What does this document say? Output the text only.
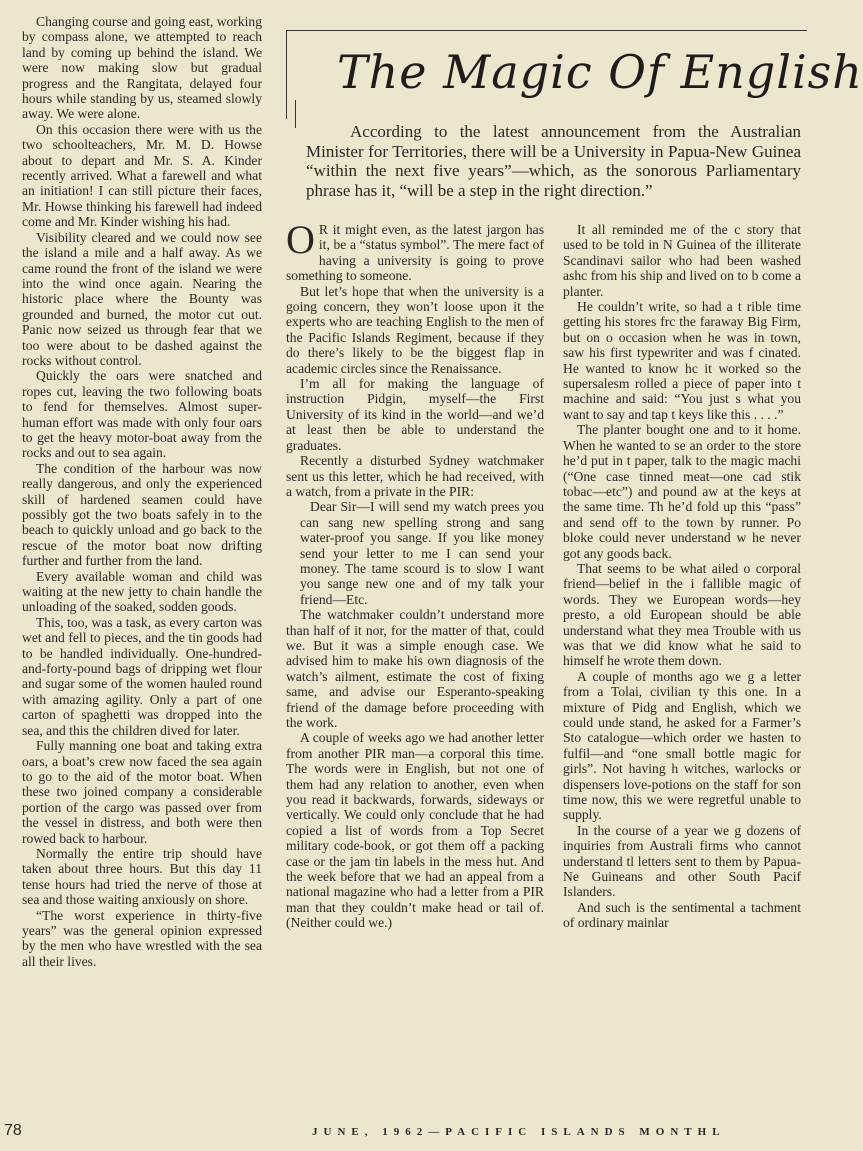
Changing course and going east, working by compass alone, we attempted to reach land by coming up behind the island. We were now making slow but gradual progress and the Rangitata, delayed four hours while standing by us, steamed slowly away. We were alone.

On this occasion there were with us the two schoolteachers, Mr. M. D. Howse about to depart and Mr. S. A. Kinder recently arrived. What a farewell and what an initiation! I can still picture their faces, Mr. Howse thinking his farewell had indeed come and Mr. Kinder wishing his had.

Visibility cleared and we could now see the island a mile and a half away. As we came round the front of the island we were into the wind once again. Nearing the historic place where the Bounty was grounded and burned, the motor cut out. Panic now seized us through fear that we too were about to be dashed against the rocks without control.

Quickly the oars were snatched and ropes cut, leaving the two following boats to fend for themselves. Almost super-human effort was made with only four oars to get the heavy motor-boat away from the rocks and out to sea again.

The condition of the harbour was now really dangerous, and only the experienced skill of hardened seamen could have possibly got the two boats safely in to the beach to quickly unload and go back to the rescue of the motor boat now drifting further and further from the land.

Every available woman and child was waiting at the new jetty to chain handle the unloading of the soaked, sodden goods.

This, too, was a task, as every carton was wet and fell to pieces, and the tin goods had to be handled individually. One-hundred-and-forty-pound bags of dripping wet flour and sugar some of the women hauled round with amazing agility. Only a part of one carton of spaghetti was dropped into the sea, and this the children dived for later.

Fully manning one boat and taking extra oars, a boat’s crew now faced the sea again to go to the aid of the motor boat. When these two joined company a considerable portion of the cargo was passed over from the vessel in distress, and both were then rowed back to harbour.

Normally the entire trip should have taken about three hours. But this day 11 tense hours had tried the nerve of those at sea and those waiting anxiously on shore.

“The worst experience in thirty-five years” was the general opinion expressed by the men who have wrestled with the sea all their lives.

The Magic Of English

According to the latest announcement from the Australian Minister for Territories, there will be a University in Papua-New Guinea “within the next five years”—which, as the sonorous Parliamentary phrase has it, “will be a step in the right direction.”

O R it might even, as the latest jargon has it, be a “status symbol”. The mere fact of having a university is going to prove something to someone.

But let’s hope that when the university is a going concern, they won’t loose upon it the experts who are teaching English to the men of the Pacific Islands Regiment, because if they do there’s likely to be the biggest flap in academic circles since the Renaissance.

I’m all for making the language of instruction Pidgin, myself—the First University of its kind in the world—and we’d at least then be able to understand the graduates.

Recently a disturbed Sydney watchmaker sent us this letter, which he had received, with a watch, from a private in the PIR:

Dear Sir—I will send my watch prees you can sang new spelling strong and sang water-proof you sange. If you like money send your letter to me I can send your money. The tame scourd is to slow I want you sange new one and of my talk your friend—Etc.

The watchmaker couldn’t understand more than half of it nor, for the matter of that, could we. But it was a simple enough case. We advised him to make his own diagnosis of the watch’s ailment, estimate the cost of fixing same, and advise our Esperanto-speaking friend of the damage before proceeding with the work.

A couple of weeks ago we had another letter from another PIR man—a corporal this time. The words were in English, but not one of them had any relation to another, even when you read it backwards, forwards, sideways or vertically. We could only conclude that he had copied a list of words from a Top Secret military code-book, or got them off a packing case or the jam tin labels in the mess hut. And the week before that we had an appeal from a national magazine who had a letter from a PIR man that they couldn’t make head or tail of. (Neither could we.)

It all reminded me of the c story that used to be told in N Guinea of the illiterate Scandinavi sailor who had been washed ashc from his ship and lived on to b come a planter.

He couldn’t write, so had a t rible time getting his stores frc the faraway Big Firm, but on o occasion when he was in town, saw his first typewriter and was f cinated. He wanted to know hc it worked so the supersalesm rolled a piece of paper into t machine and said: “You just s what you want to say and tap t keys like this . . . .”

The planter bought one and to it home. When he wanted to se an order to the store he’d put in t paper, talk to the magic machi (“One case tinned meat—one cad stik tobac—etc”) and pound aw at the keys at the same time. Th he’d fold up this “pass” and send off to the town by runner. Po bloke could never understand w he never got any goods back.

That seems to be what ailed o corporal friend—belief in the i fallible magic of words. They we European words—hey presto, a old European should be able understand what they mea Trouble with us was that we did know what he said to himself he wrote them down.

A couple of months ago we g a letter from a Tolai, civilian ty this one. In a mixture of Pidg and English, which we could unde stand, he asked for a Farmer’s Sto catalogue—which order we hasten to fulfil—and “one small bottle magic for girls”. Not having h witches, warlocks or dispensers love-potions on the staff for son time now, this we were regretful unable to supply.

In the course of a year we g dozens of inquiries from Australi firms who cannot understand tl letters sent to them by Papua-Ne Guineans and other South Pacif Islanders.

And such is the sentimental a tachment of ordinary mainlar

78	JUNE, 1962—PACIFIC ISLANDS MONTHL
